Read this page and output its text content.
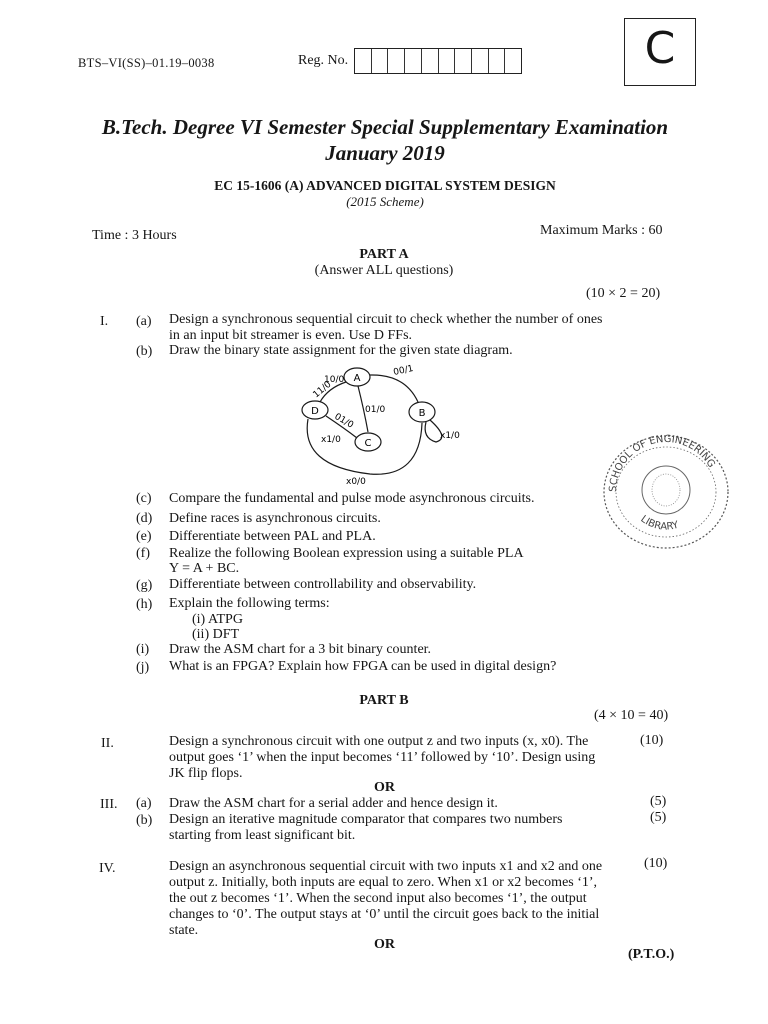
BTS–VI(SS)–01.19–0038	Reg. No.	C
B.Tech. Degree VI Semester Special Supplementary Examination
January 2019
EC 15-1606 (A) ADVANCED DIGITAL SYSTEM DESIGN
(2015 Scheme)
Time : 3 Hours	Maximum Marks : 60
PART A
(Answer ALL questions)
(10 × 2 = 20)
I. (a) Design a synchronous sequential circuit to check whether the number of ones in an input bit streamer is even. Use D FFs.
(b) Draw the binary state assignment for the given state diagram.
A
B
C
D
10/0
11/0
00/1
01/0
01/0
x1/0	x1/0
x0/0
SCHOOL OF ENGINEERING
LIBRARY
(c) Compare the fundamental and pulse mode asynchronous circuits.
(d) Define races is asynchronous circuits.
(e) Differentiate between PAL and PLA.
(f) Realize the following Boolean expression using a suitable PLA
Y = A + BC.
(g) Differentiate between controllability and observability.
(h) Explain the following terms:
(i) ATPG
(ii) DFT
(i) Draw the ASM chart for a 3 bit binary counter.
(j) What is an FPGA? Explain how FPGA can be used in digital design?
PART B
(4 × 10 = 40)
II.	Design a synchronous circuit with one output z and two inputs (x, x0). The output goes ‘1’ when the input becomes ‘11’ followed by ‘10’. Design using JK flip flops.
(10)
OR
III. (a) Draw the ASM chart for a serial adder and hence design it.	(5)
(b) Design an iterative magnitude comparator that compares two numbers starting from least significant bit.
(5)
IV.	Design an asynchronous sequential circuit with two inputs x1 and x2 and one output z. Initially, both inputs are equal to zero. When x1 or x2 becomes ‘1’, the out z becomes ‘1’. When the second input also becomes ‘1’, the output changes to ‘0’. The output stays at ‘0’ until the circuit goes back to the initial state.
(10)
OR
(P.T.O.)
